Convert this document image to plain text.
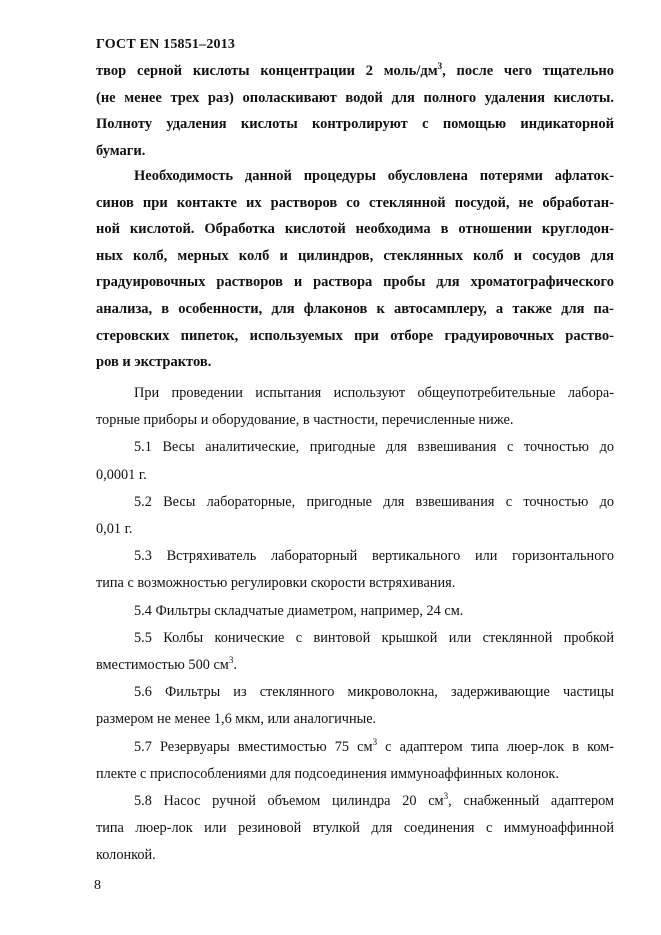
ГОСТ EN 15851–2013
твор серной кислоты концентрации 2 моль/$дм^3$, после чего тщательно
(не менее трех раз) ополаскивают водой для полного удаления кислоты.
Полноту удаления кислоты контролируют с помощью индикаторной
бумаги.
Необходимость данной процедуры обусловлена потерями афлаток-
синов при контакте их растворов со стеклянной посудой, не обработан-
ной кислотой. Обработка кислотой необходима в отношении круглодон-
ных колб, мерных колб и цилиндров, стеклянных колб и сосудов для
градуировочных растворов и раствора пробы для хроматографического
анализа, в особенности, для флаконов к автосамплеру, а также для па-
стеровских пипеток, используемых при отборе градуировочных раство-
ров и экстрактов.
При проведении испытания используют общеупотребительные лабора-
торные приборы и оборудование, в частности, перечисленные ниже.
5.1 Весы аналитические, пригодные для взвешивания с точностью до
0,0001 г.
5.2 Весы лабораторные, пригодные для взвешивания с точностью до
0,01 г.
5.3 Встряхиватель лабораторный вертикального или горизонтального
типа с возможностью регулировки скорости встряхивания.
5.4 Фильтры складчатые диаметром, например, 24 см.
5.5 Колбы конические с винтовой крышкой или стеклянной пробкой
вместимостью 500 $см^3$.
5.6 Фильтры из стеклянного микроволокна, задерживающие частицы
размером не менее 1,6 мкм, или аналогичные.
5.7 Резервуары вместимостью 75 $см^3$ с адаптером типа люер-лок в ком-
плекте с приспособлениями для подсоединения иммуноаффинных колонок.
5.8 Насос ручной объемом цилиндра 20 $см^3$, снабженный адаптером
типа люер-лок или резиновой втулкой для соединения с иммуноаффинной
колонкой.
8
